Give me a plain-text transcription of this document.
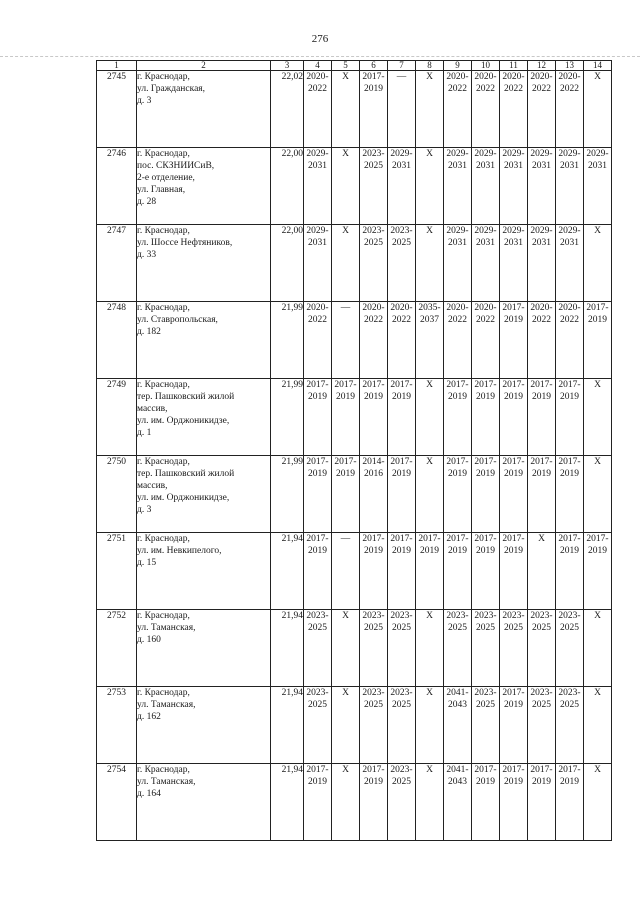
276
1	2	3	4	5	6	7	8	9	10	11	12	13	14
2745	г. Краснодар,
ул. Гражданская,
д. 3	22,02	2020-
2022	Х	2017-
2019	—	Х	2020-
2022	2020-
2022	2020-
2022	2020-
2022	2020-
2022	Х
2746	г. Краснодар,
пос. СКЗНИИСиВ,
2-е отделение,
ул. Главная,
д. 28	22,00	2029-
2031	Х	2023-
2025	2029-
2031	Х	2029-
2031	2029-
2031	2029-
2031	2029-
2031	2029-
2031	2029-
2031
2747	г. Краснодар,
ул. Шоссе Нефтяников,
д. 33	22,00	2029-
2031	Х	2023-
2025	2023-
2025	Х	2029-
2031	2029-
2031	2029-
2031	2029-
2031	2029-
2031	Х
2748	г. Краснодар,
ул. Ставропольская,
д. 182	21,99	2020-
2022	—	2020-
2022	2020-
2022	2035-
2037	2020-
2022	2020-
2022	2017-
2019	2020-
2022	2020-
2022	2017-
2019
2749	г. Краснодар,
тер. Пашковский жилой
массив,
ул. им. Орджоникидзе,
д. 1	21,99	2017-
2019	2017-
2019	2017-
2019	2017-
2019	Х	2017-
2019	2017-
2019	2017-
2019	2017-
2019	2017-
2019	Х
2750	г. Краснодар,
тер. Пашковский жилой
массив,
ул. им. Орджоникидзе,
д. 3	21,99	2017-
2019	2017-
2019	2014-
2016	2017-
2019	Х	2017-
2019	2017-
2019	2017-
2019	2017-
2019	2017-
2019	Х
2751	г. Краснодар,
ул. им. Невкипелого,
д. 15	21,94	2017-
2019	—	2017-
2019	2017-
2019	2017-
2019	2017-
2019	2017-
2019	2017-
2019	Х	2017-
2019	2017-
2019
2752	г. Краснодар,
ул. Таманская,
д. 160	21,94	2023-
2025	Х	2023-
2025	2023-
2025	Х	2023-
2025	2023-
2025	2023-
2025	2023-
2025	2023-
2025	Х
2753	г. Краснодар,
ул. Таманская,
д. 162	21,94	2023-
2025	Х	2023-
2025	2023-
2025	Х	2041-
2043	2023-
2025	2017-
2019	2023-
2025	2023-
2025	Х
2754	г. Краснодар,
ул. Таманская,
д. 164	21,94	2017-
2019	Х	2017-
2019	2023-
2025	Х	2041-
2043	2017-
2019	2017-
2019	2017-
2019	2017-
2019	Х
